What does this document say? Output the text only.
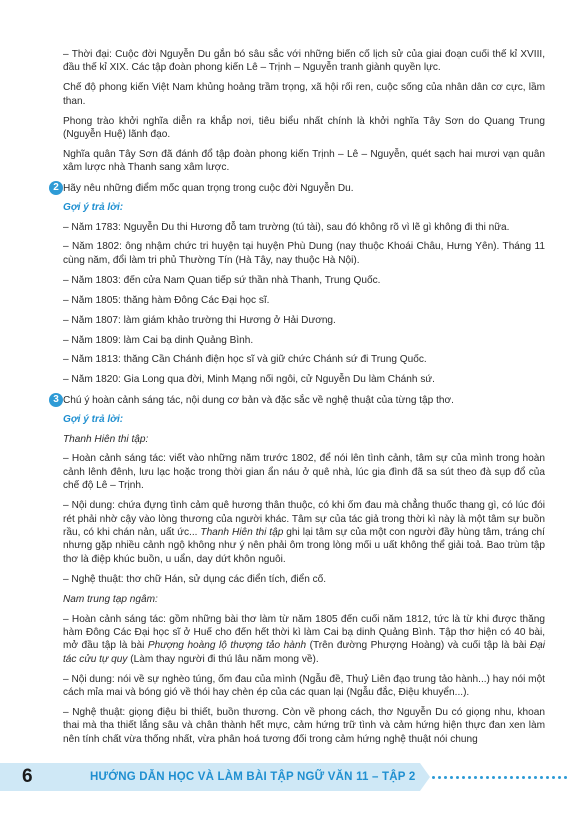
– Thời đại: Cuộc đời Nguyễn Du gắn bó sâu sắc với những biến cố lịch sử của giai đoạn cuối thế kỉ XVIII, đầu thế kỉ XIX. Các tập đoàn phong kiến Lê – Trịnh – Nguyễn tranh giành quyền lực.

Chế độ phong kiến Việt Nam khủng hoảng trầm trọng, xã hội rối ren, cuộc sống của nhân dân cơ cực, lầm than.

Phong trào khởi nghĩa diễn ra khắp nơi, tiêu biểu nhất chính là khởi nghĩa Tây Sơn do Quang Trung (Nguyễn Huệ) lãnh đạo.

Nghĩa quân Tây Sơn đã đánh đổ tập đoàn phong kiến Trịnh – Lê – Nguyễn, quét sạch hai mươi vạn quân xâm lược nhà Thanh sang xâm lược.

2 Hãy nêu những điểm mốc quan trọng trong cuộc đời Nguyễn Du.
Gợi ý trả lời:

– Năm 1783: Nguyễn Du thi Hương đỗ tam trường (tú tài), sau đó không rõ vì lẽ gì không đi thi nữa.

– Năm 1802: ông nhậm chức tri huyện tại huyện Phù Dung (nay thuộc Khoái Châu, Hưng Yên). Tháng 11 cùng năm, đổi làm tri phủ Thường Tín (Hà Tây, nay thuộc Hà Nội).

– Năm 1803: đến cửa Nam Quan tiếp sứ thần nhà Thanh, Trung Quốc.

– Năm 1805: thăng hàm Đông Các Đại học sĩ.

– Năm 1807: làm giám khảo trường thi Hương ở Hải Dương.

– Năm 1809: làm Cai bạ dinh Quảng Bình.

– Năm 1813: thăng Cần Chánh điện học sĩ và giữ chức Chánh sứ đi Trung Quốc.

– Năm 1820: Gia Long qua đời, Minh Mạng nối ngôi, cử Nguyễn Du làm Chánh sứ.

3 Chú ý hoàn cảnh sáng tác, nội dung cơ bản và đặc sắc về nghệ thuật của từng tập thơ.
Gợi ý trả lời:

Thanh Hiên thi tập:

– Hoàn cảnh sáng tác: viết vào những năm trước 1802, để nói lên tình cảnh, tâm sự của mình trong hoàn cảnh lênh đênh, lưu lạc hoặc trong thời gian ẩn náu ở quê nhà, lúc gia đình đã sa sút theo đà sụp đổ của chế độ Lê – Trịnh.

– Nội dung: chứa đựng tình cảm quê hương thân thuộc, có khi ốm đau mà chẳng thuốc thang gì, có lúc đói rét phải nhờ cậy vào lòng thương của người khác. Tâm sự của tác giả trong thời kì này là một tâm sự buồn rầu, có khi chán nản, uất ức... Thanh Hiên thi tập ghi lại tâm sự của một con người đầy hùng tâm, tráng chí nhưng gặp nhiều cảnh ngộ không như ý nên phải ôm trong lòng mối u uất không thể giải toả. Bao trùm tập thơ là điệp khúc buồn, u uẩn, day dứt khôn nguôi.

– Nghệ thuật: thơ chữ Hán, sử dụng các điển tích, điển cố.

Nam trung tạp ngâm:

– Hoàn cảnh sáng tác: gồm những bài thơ làm từ năm 1805 đến cuối năm 1812, tức là từ khi được thăng hàm Đông Các Đại học sĩ ở Huế cho đến hết thời kì làm Cai bạ dinh Quảng Bình. Tập thơ hiện có 40 bài, mở đầu tập là bài Phượng hoàng lộ thượng tảo hành (Trên đường Phượng Hoàng) và cuối tập là bài Đại tác cửu tự quy (Làm thay người đi thú lâu năm mong về).

– Nội dung: nói về sự nghèo túng, ốm đau của mình (Ngẫu đề, Thuỷ Liên đạo trung tảo hành...) hay nói một cách mỉa mai và bóng gió về thói hay chèn ép của các quan lại (Ngẫu đắc, Điệu khuyển...).

– Nghệ thuật: giọng điệu bi thiết, buồn thương. Còn về phong cách, thơ Nguyễn Du có giọng nhu, khoan thai mà tha thiết lắng sâu và chân thành hết mực, cảm hứng trữ tình và cảm hứng hiện thực đan xen làm nên tính chất vừa thống nhất, vừa phân hoá tương đối trong cảm hứng nghệ thuật nói chung

6	HƯỚNG DẪN HỌC VÀ LÀM BÀI TẬP NGỮ VĂN 11 – TẬP 2
